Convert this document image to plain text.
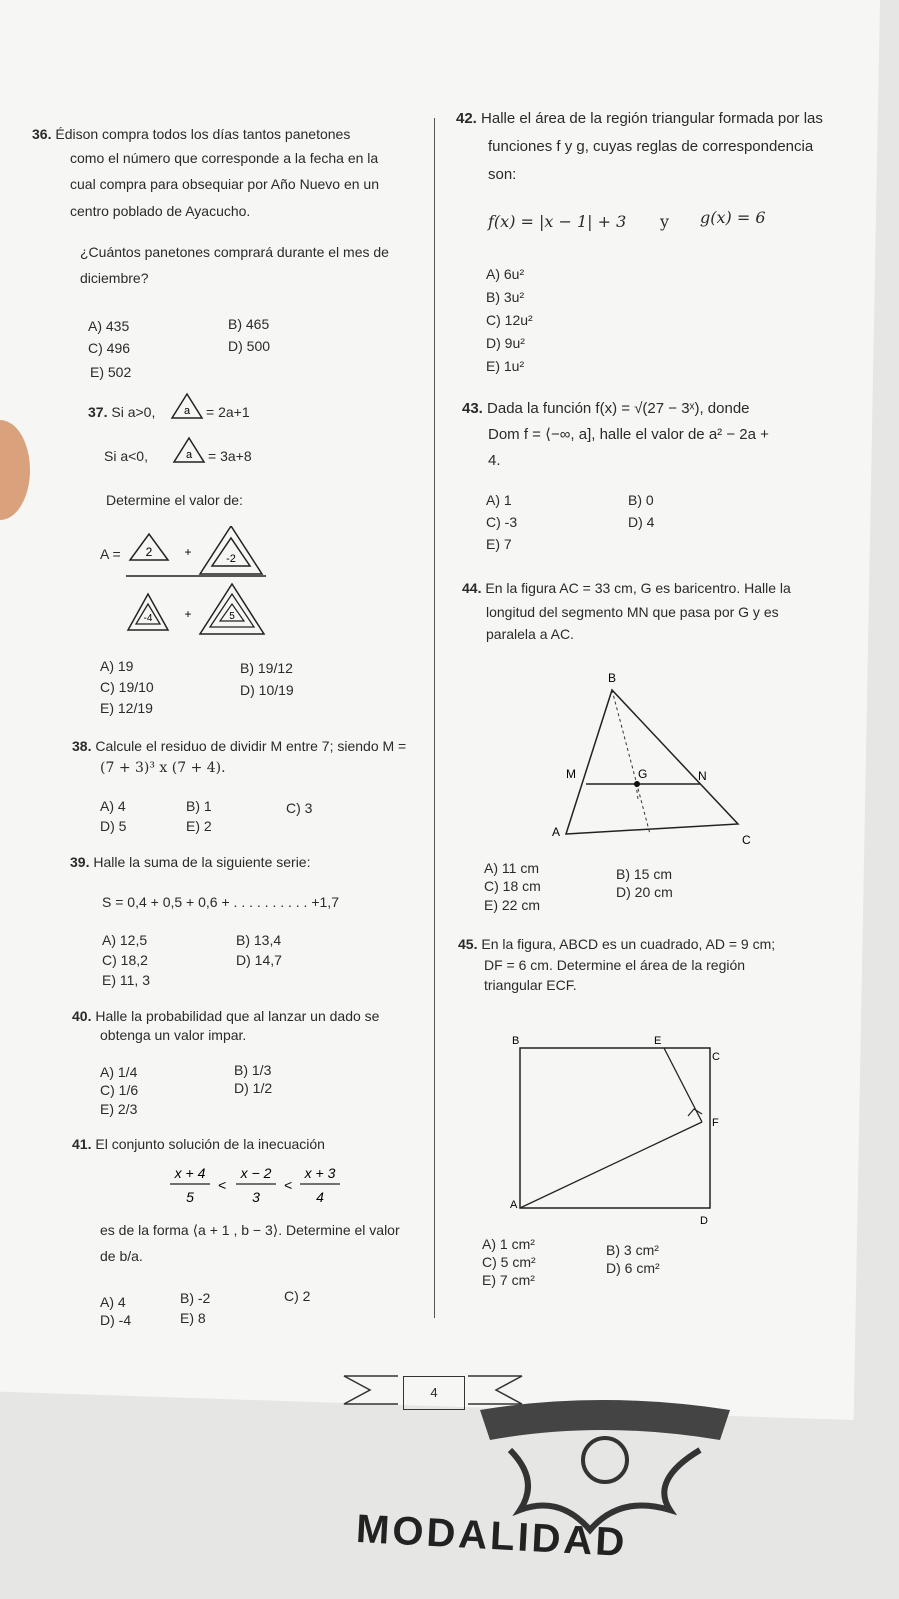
36. Édison compra todos los días tantos panetones
como el número que corresponde a la fecha en la
cual compra para obsequiar por Año Nuevo en un
centro poblado de Ayacucho.
¿Cuántos panetones comprará durante el mes de
diciembre?
A) 435	B) 465
C) 496	D) 500
E) 502
37. Si a>0,	a = 2a+1
Si a<0,	a = 3a+8
Determine el valor de:
A = 2	+	-2
-4	+	5
A) 19	B) 19/12
C) 19/10	D) 10/19
E) 12/19
38. Calcule el residuo de dividir M entre 7; siendo M =
(7̇ + 3)³ x (7̇ + 4).
A) 4	B) 1	C) 3
D) 5	E) 2
39. Halle la suma de la siguiente serie:
S = 0,4 + 0,5 + 0,6 + . . . . . . . . . . +1,7
A) 12,5	B) 13,4
C) 18,2	D) 14,7
E) 11, 3
40. Halle la probabilidad que al lanzar un dado se
obtenga un valor impar.
A) 1/4	B) 1/3
C) 1/6	D) 1/2
E) 2/3
41. El conjunto solución de la inecuación
x + 4
5
<
x − 2
3
<
x + 3
4
es de la forma ⟨a + 1 , b − 3⟩. Determine el valor
de b/a.
A) 4	B) -2	C) 2
D) -4	E) 8
42. Halle el área de la región triangular formada por las
funciones f y g, cuyas reglas de correspondencia
son:
f(x) = |x − 1| + 3 y g(x) = 6
A) 6u²
B) 3u²
C) 12u²
D) 9u²
E) 1u²
43. Dada la función f(x) = √(27 − 3ˣ), donde
Dom f = ⟨−∞, a], halle el valor de a² − 2a +
4.
A) 1	B) 0
C) -3	D) 4
E) 7
44. En la figura AC = 33 cm, G es baricentro. Halle la
longitud del segmento MN que pasa por G y es
paralela a AC.
B
M	G	N
A
C
A) 11 cm	B) 15 cm
C) 18 cm	D) 20 cm
E) 22 cm
45. En la figura, ABCD es un cuadrado, AD = 9 cm;
DF = 6 cm. Determine el área de la región
triangular ECF.
B	E
C
F
A
D
A) 1 cm²	B) 3 cm²
C) 5 cm²	D) 6 cm²
E) 7 cm²
4
MODALIDAD
